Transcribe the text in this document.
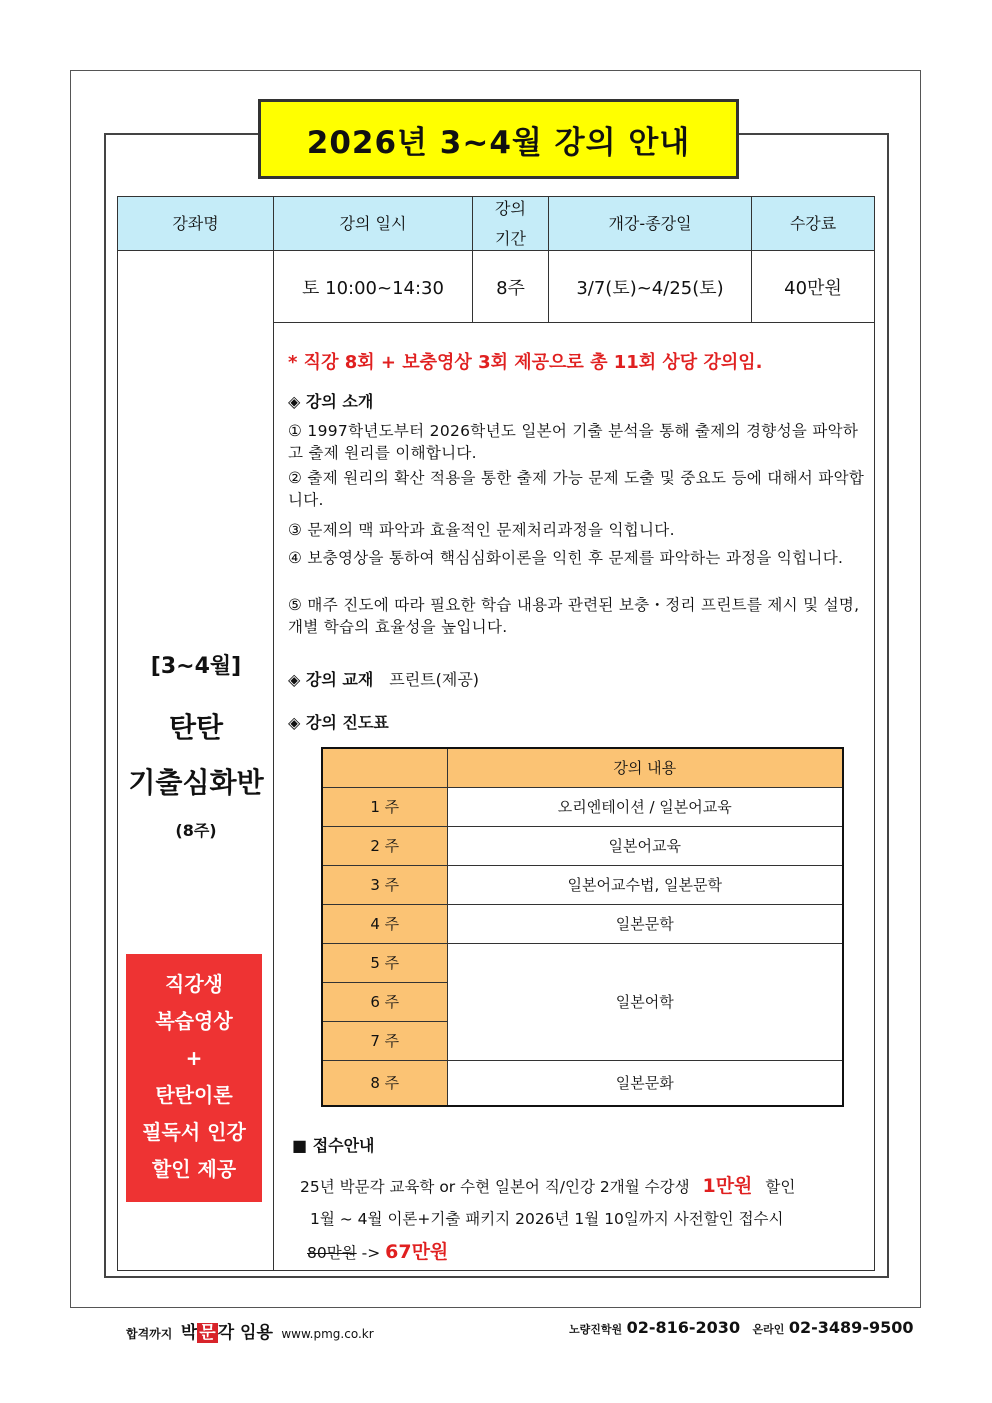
2026년 3~4월 강의 안내
강좌명	강의 일시
강의
기간
개강-종강일	수강료
토 10:00~14:30	8주	3/7(토)~4/25(토)	40만원
[3~4월]
탄탄
기출심화반
(8주)
직강생
복습영상
+
탄탄이론
필독서 인강
할인 제공
* 직강 8회 + 보충영상 3회 제공으로 총 11회 상당 강의임.
◈ 강의 소개
① 1997학년도부터 2026학년도 일본어 기출 분석을 통해 출제의 경향성을 파악하고 출제 원리를 이해합니다.
② 출제 원리의 확산 적용을 통한 출제 가능 문제 도출 및 중요도 등에 대해서 파악합니다.
③ 문제의 맥 파악과 효율적인 문제처리과정을 익힙니다.
④ 보충영상을 통하여 핵심심화이론을 익힌 후 문제를 파악하는 과정을 익힙니다.
⑤ 매주 진도에 따라 필요한 학습 내용과 관련된 보충・정리 프린트를 제시 및 설명, 개별 학습의 효율성을 높입니다.
◈ 강의 교재 프린트(제공)
◈ 강의 진도표
	강의 내용
1 주	오리엔테이션 / 일본어교육
2 주	일본어교육
3 주	일본어교수법, 일본문학
4 주	일본문학
5 주	일본어학
6 주	
7 주	
8 주	일본문화
■ 접수안내
25년 박문각 교육학 or 수현 일본어 직/인강 2개월 수강생 1만원 할인
1월 ~ 4월 이론+기출 패키지 2026년 1월 10일까지 사전할인 접수시
80만원 -> 67만원
합격까지 박 문 각 임용 www.pmg.co.kr	노량진학원 02-816-2030 온라인 02-3489-9500
